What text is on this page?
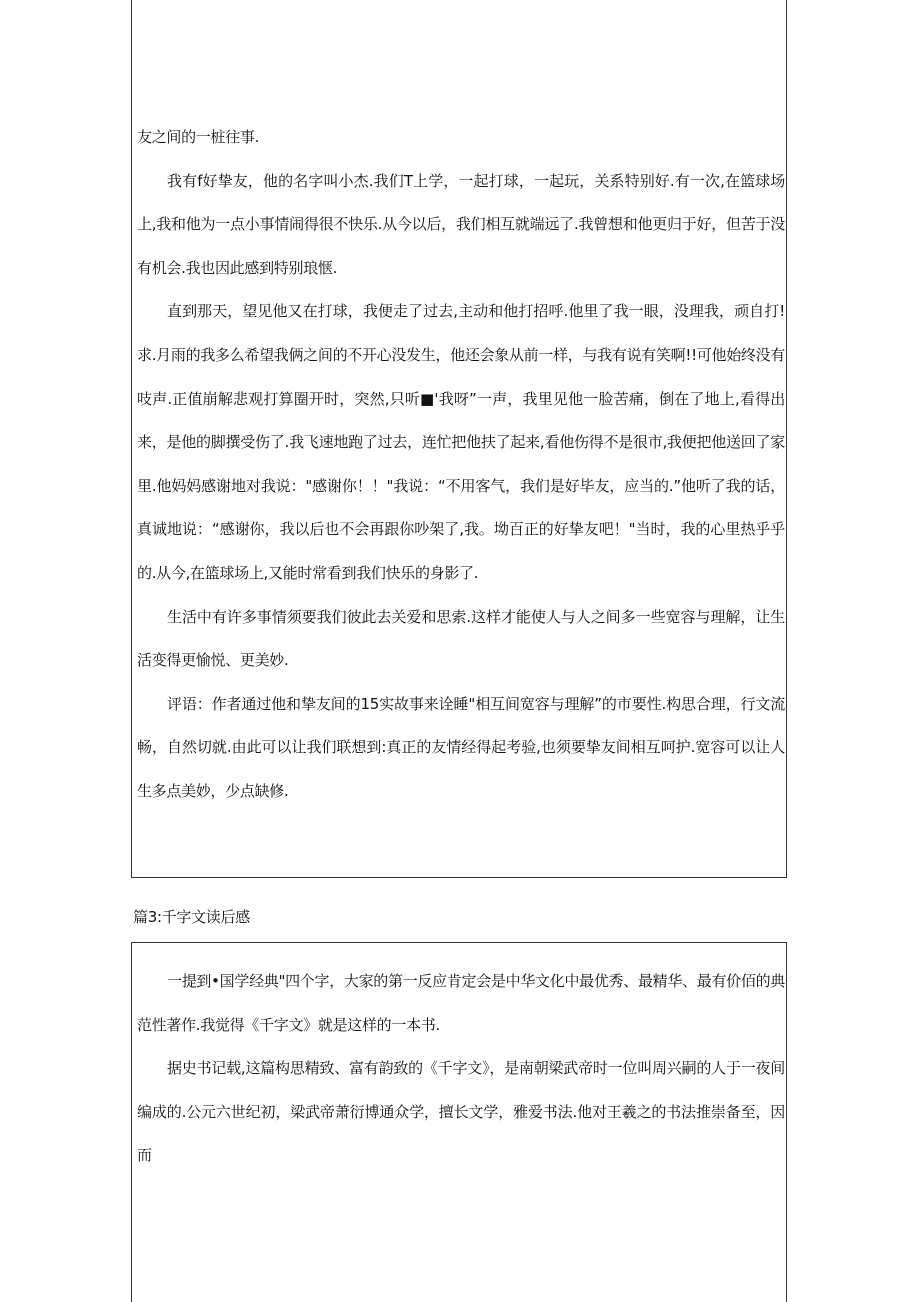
友之间的一桩往事.

我有f好挚友，他的名字叫小杰.我们T上学，一起打球，一起玩，关系特别好.有一次,在篮球场上,我和他为一点小事情闹得很不快乐.从今以后，我们相互就端远了.我曾想和他更归于好，但苦于没有机会.我也因此感到特别琅惬.

直到那天，望见他又在打球，我便走了过去,主动和他打招呼.他里了我一眼，没理我，顽自打!求.月雨的我多么希望我俩之间的不开心没发生，他还会象从前一样，与我有说有笑啊!!可他始终没有吱声.正值崩解悲观打算圈开时，突然,只听■'我呀”一声，我里见他一脸苦痛，倒在了地上,看得出来，是他的脚撰受伤了.我飞速地跑了过去，连忙把他扶了起来,看他伤得不是很市,我便把他送回了家里.他妈妈感谢地对我说："感谢你！！"我说：“不用客气，我们是好毕友，应当的.”他听了我的话，真诚地说：“感谢你，我以后也不会再跟你吵架了,我。坳百正的好挚友吧！"当时，我的心里热乎乎的.从今,在篮球场上,又能时常看到我们快乐的身影了.

生活中有许多事情须要我们彼此去关爱和思索.这样才能使人与人之间多一些宽容与理解，让生活变得更愉悦、更美妙.

评语：作者通过他和挚友间的15实故事来诠睡"相互间宽容与理解”的市要性.构思合理，行文流畅，自然切就.由此可以让我们联想到:真正的友情经得起考验,也须要挚友间相互呵护.宽容可以让人生多点美妙，少点缺修.

篇3:千字文读后感

一提到•国学经典"四个字，大家的第一反应肯定会是中华文化中最优秀、最精华、最有价佰的典范性著作.我觉得《千字文》就是这样的一本书.

据史书记载,这篇构思精致、富有韵致的《千字文》，是南朝梁武帝时一位叫周兴嗣的人于一夜间编成的.公元六世纪初，梁武帝萧衍博通众学，擅长文学，雅爱书法.他对王羲之的书法推崇备至，因而
